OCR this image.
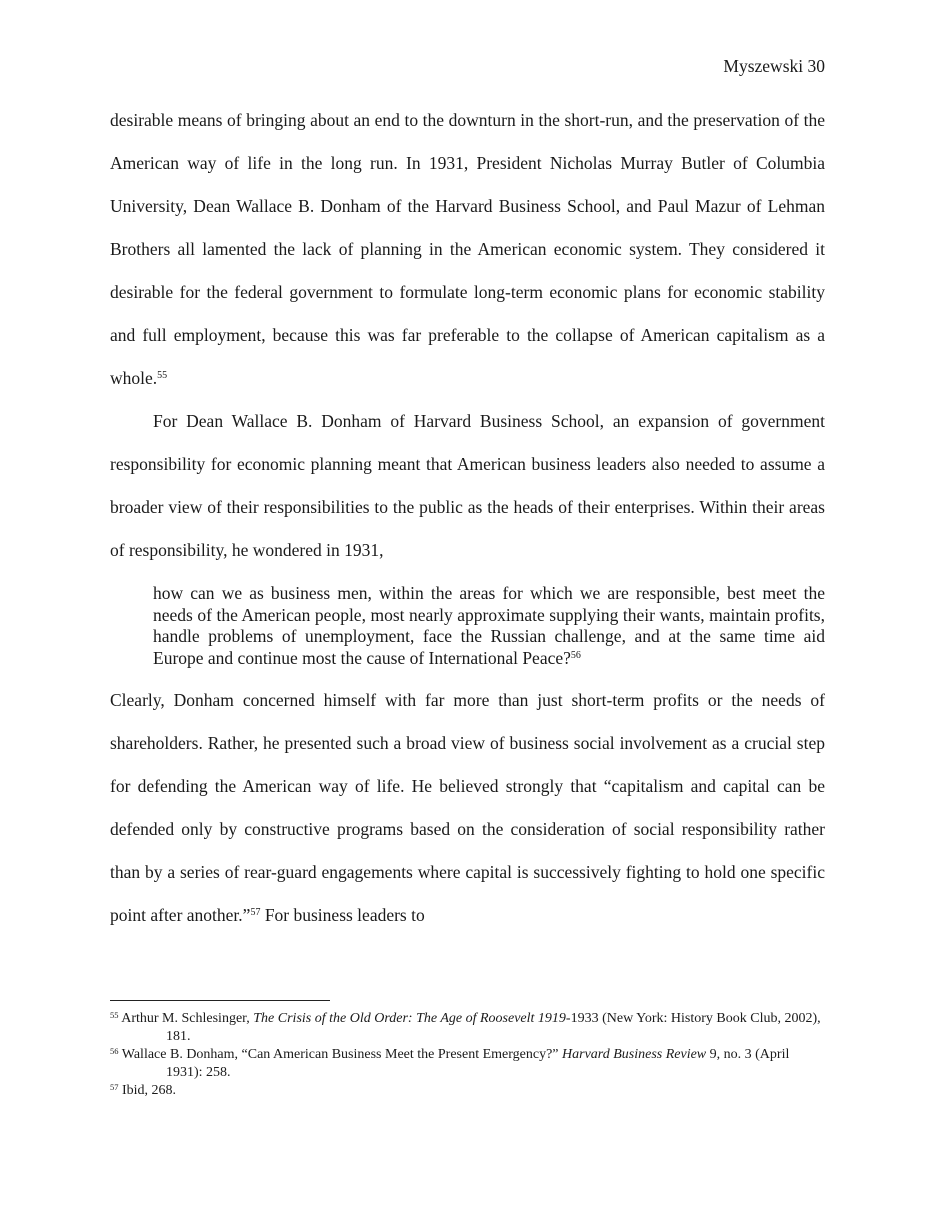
Myszewski 30

desirable means of bringing about an end to the downturn in the short-run, and the preservation of the American way of life in the long run. In 1931, President Nicholas Murray Butler of Columbia University, Dean Wallace B. Donham of the Harvard Business School, and Paul Mazur of Lehman Brothers all lamented the lack of planning in the American economic system. They considered it desirable for the federal government to formulate long-term economic plans for economic stability and full employment, because this was far preferable to the collapse of American capitalism as a whole.$^{55}$

For Dean Wallace B. Donham of Harvard Business School, an expansion of government responsibility for economic planning meant that American business leaders also needed to assume a broader view of their responsibilities to the public as the heads of their enterprises. Within their areas of responsibility, he wondered in 1931,

how can we as business men, within the areas for which we are responsible, best meet the needs of the American people, most nearly approximate supplying their wants, maintain profits, handle problems of unemployment, face the Russian challenge, and at the same time aid Europe and continue most the cause of International Peace?$^{56}$

Clearly, Donham concerned himself with far more than just short-term profits or the needs of shareholders. Rather, he presented such a broad view of business social involvement as a crucial step for defending the American way of life. He believed strongly that “capitalism and capital can be defended only by constructive programs based on the consideration of social responsibility rather than by a series of rear-guard engagements where capital is successively fighting to hold one specific point after another.”$^{57}$ For business leaders to

$^{55}$ Arthur M. Schlesinger, The Crisis of the Old Order: The Age of Roosevelt 1919-1933 (New York: History Book Club, 2002), 181.

$^{56}$ Wallace B. Donham, “Can American Business Meet the Present Emergency?” Harvard Business Review 9, no. 3 (April 1931): 258.

$^{57}$ Ibid, 268.
